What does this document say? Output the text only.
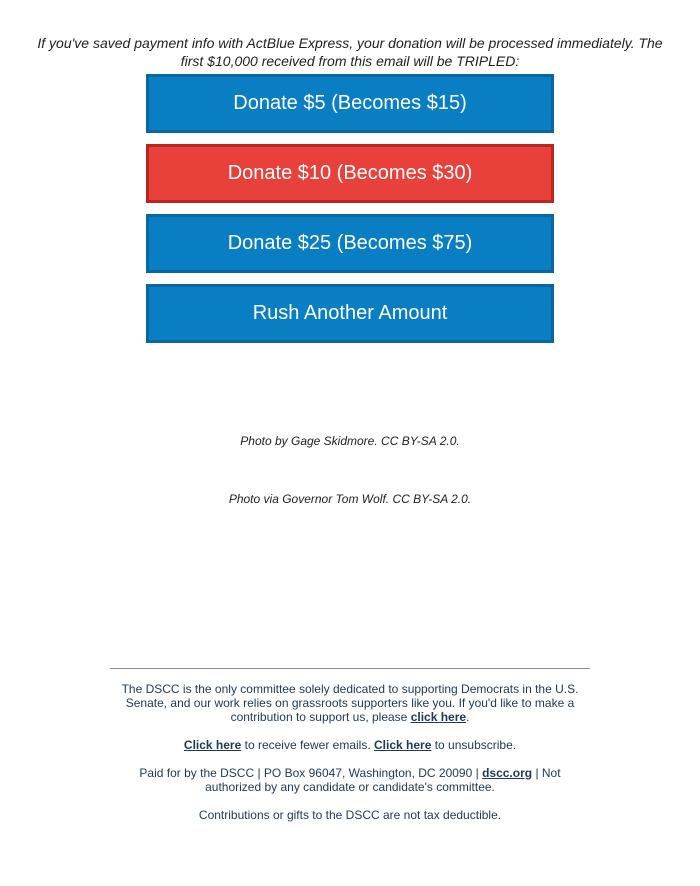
If you've saved payment info with ActBlue Express, your donation will be processed immediately. The
first $10,000 received from this email will be TRIPLED:
Donate $5 (Becomes $15)
Donate $10 (Becomes $30)
Donate $25 (Becomes $75)
Rush Another Amount
Photo by Gage Skidmore. CC BY-SA 2.0.
Photo via Governor Tom Wolf. CC BY-SA 2.0.
The DSCC is the only committee solely dedicated to supporting Democrats in the U.S. Senate, and our work relies on grassroots supporters like you. If you'd like to make a contribution to support us, please click here.
Click here to receive fewer emails. Click here to unsubscribe.
Paid for by the DSCC | PO Box 96047, Washington, DC 20090 | dscc.org | Not authorized by any candidate or candidate's committee.
Contributions or gifts to the DSCC are not tax deductible.
